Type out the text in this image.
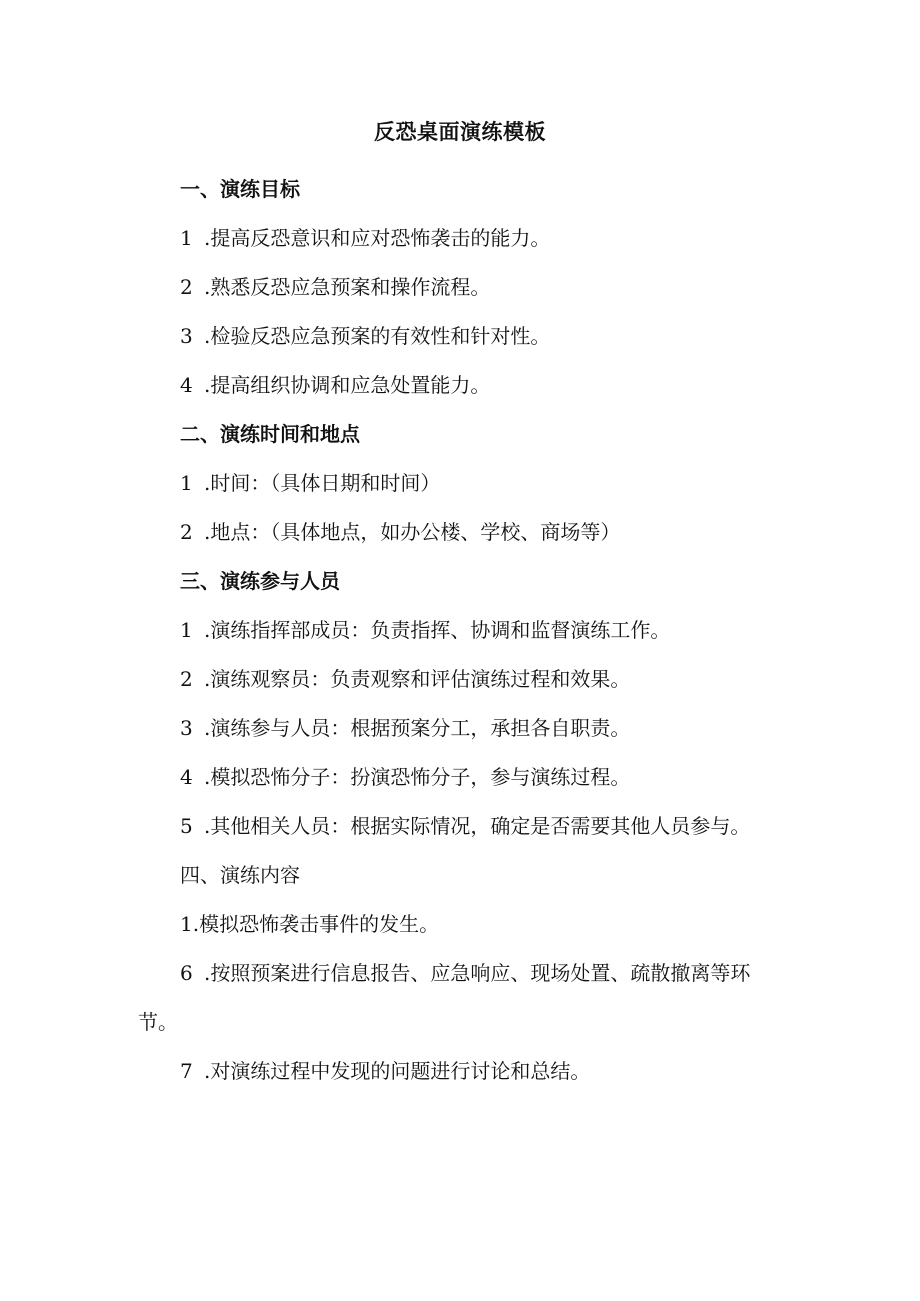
反恐桌面演练模板
一、演练目标
1 .提高反恐意识和应对恐怖袭击的能力。
2 .熟悉反恐应急预案和操作流程。
3 .检验反恐应急预案的有效性和针对性。
4 .提高组织协调和应急处置能力。
二、演练时间和地点
1 .时间：（具体日期和时间）
2 .地点：（具体地点，如办公楼、学校、商场等）
三、演练参与人员
1 .演练指挥部成员：负责指挥、协调和监督演练工作。
2 .演练观察员：负责观察和评估演练过程和效果。
3 .演练参与人员：根据预案分工，承担各自职责。
4 .模拟恐怖分子：扮演恐怖分子，参与演练过程。
5 .其他相关人员：根据实际情况，确定是否需要其他人员参与。
四、演练内容
1.模拟恐怖袭击事件的发生。
6 .按照预案进行信息报告、应急响应、现场处置、疏散撤离等环节。
7 .对演练过程中发现的问题进行讨论和总结。
